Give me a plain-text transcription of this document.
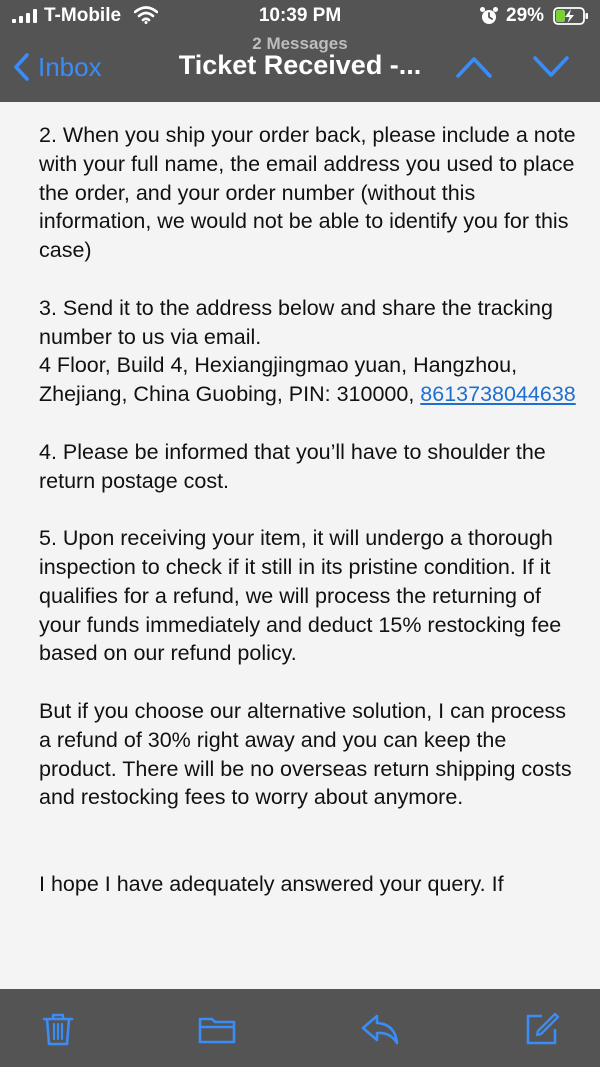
T-Mobile	10:39 PM	29%
Inbox
2 Messages
Ticket Received -...

2. When you ship your order back, please include a note with your full name, the email address you used to place the order, and your order number (without this information, we would not be able to identify you for this case)

3. Send it to the address below and share the tracking number to us via email.
4 Floor, Build 4, Hexiangjingmao yuan, Hangzhou, Zhejiang, China Guobing, PIN: 310000, 8613738044638

4. Please be informed that you’ll have to shoulder the return postage cost.

5. Upon receiving your item, it will undergo a thorough inspection to check if it still in its pristine condition. If it qualifies for a refund, we will process the returning of your funds immediately and deduct 15% restocking fee based on our refund policy.

But if you choose our alternative solution, I can process a refund of 30% right away and you can keep the product. There will be no overseas return shipping costs and restocking fees to worry about anymore.

I hope I have adequately answered your query. If
